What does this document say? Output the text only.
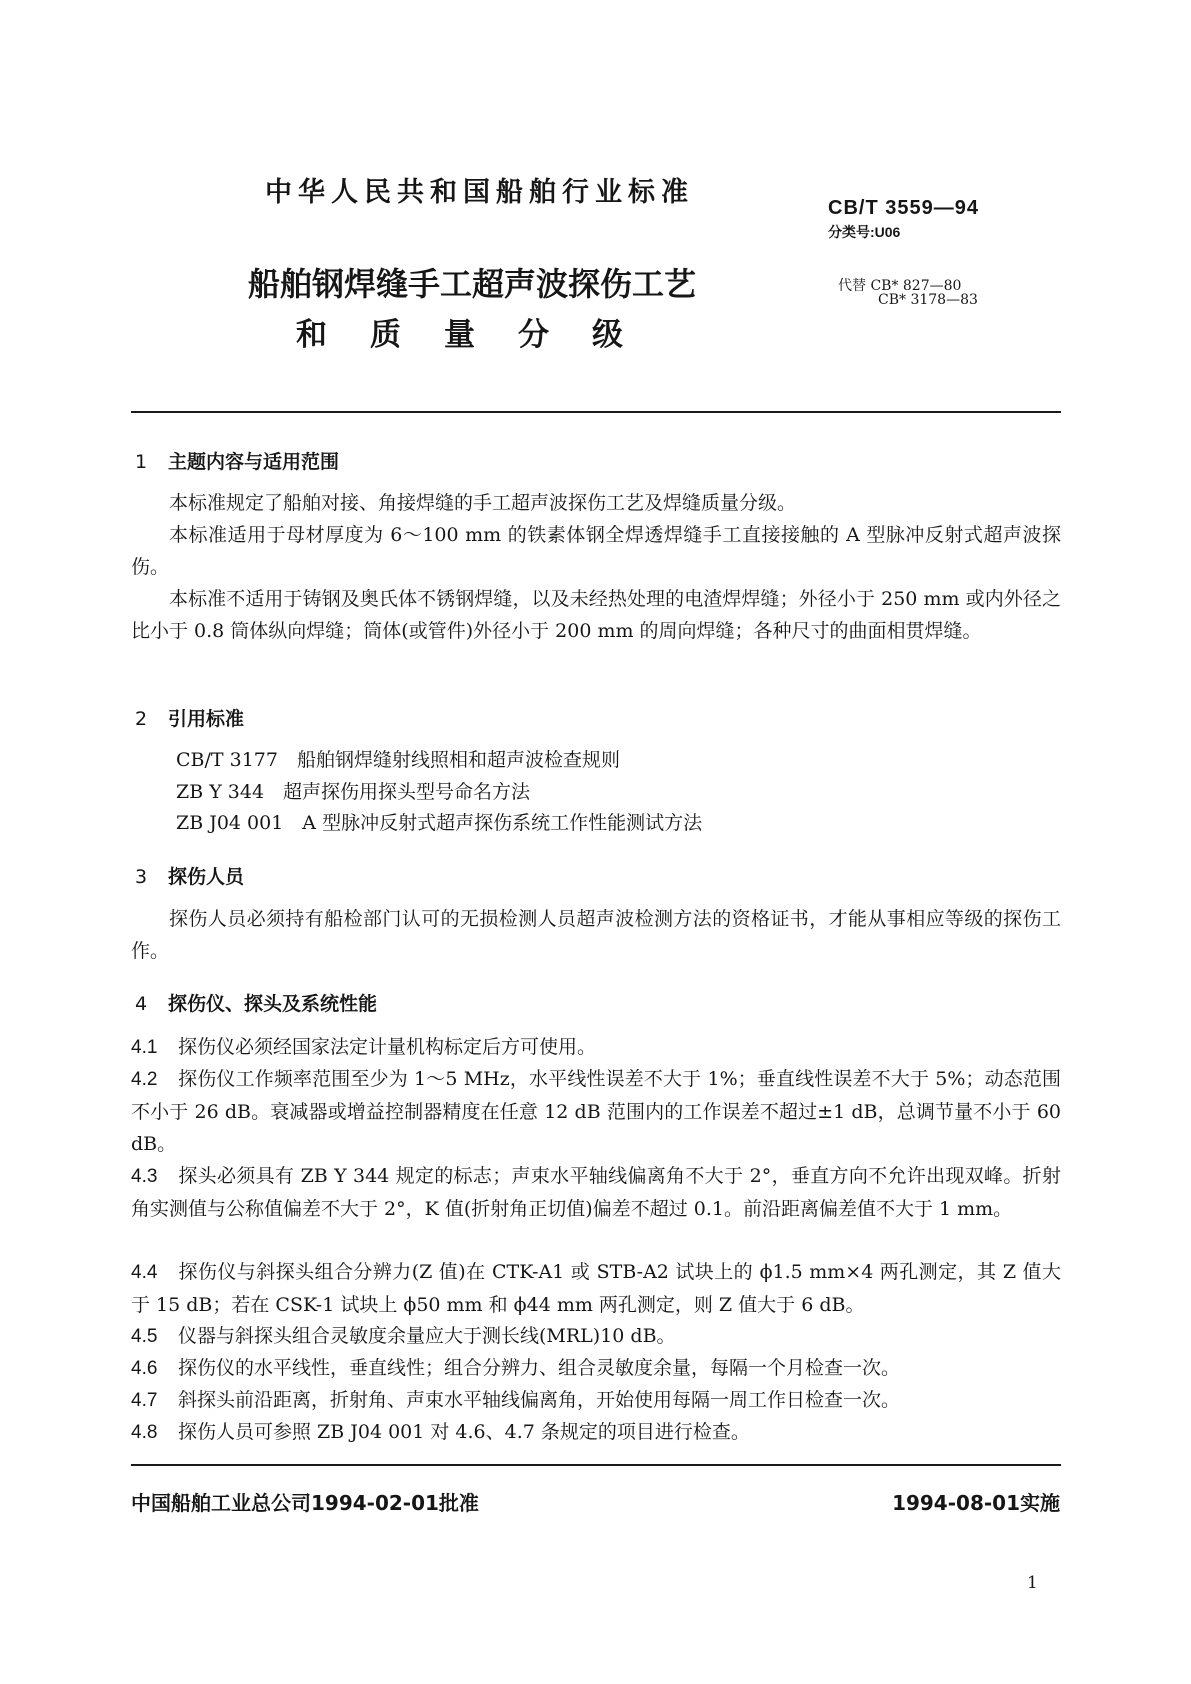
中华人民共和国船舶行业标准	CB/T 3559—94
分类号:U06
代替 CB* 827—80
CB* 3178—83
船舶钢焊缝手工超声波探伤工艺
和 质 量 分 级
1 主题内容与适用范围
本标准规定了船舶对接、角接焊缝的手工超声波探伤工艺及焊缝质量分级。
本标准适用于母材厚度为 6～100 mm 的铁素体钢全焊透焊缝手工直接接触的 A 型脉冲反射式超声波探伤。
本标准不适用于铸钢及奥氏体不锈钢焊缝，以及未经热处理的电渣焊焊缝；外径小于 250 mm 或内外径之比小于 0.8 筒体纵向焊缝；筒体(或管件)外径小于 200 mm 的周向焊缝；各种尺寸的曲面相贯焊缝。
2 引用标准
CB/T 3177　船舶钢焊缝射线照相和超声波检查规则
ZB Y 344　超声探伤用探头型号命名方法
ZB J04 001　A 型脉冲反射式超声探伤系统工作性能测试方法
3 探伤人员
探伤人员必须持有船检部门认可的无损检测人员超声波检测方法的资格证书，才能从事相应等级的探伤工作。
4 探伤仪、探头及系统性能
4.1 探伤仪必须经国家法定计量机构标定后方可使用。
4.2 探伤仪工作频率范围至少为 1～5 MHz，水平线性误差不大于 1%；垂直线性误差不大于 5%；动态范围不小于 26 dB。衰减器或增益控制器精度在任意 12 dB 范围内的工作误差不超过±1 dB，总调节量不小于 60 dB。
4.3 探头必须具有 ZB Y 344 规定的标志；声束水平轴线偏离角不大于 2°，垂直方向不允许出现双峰。折射角实测值与公称值偏差不大于 2°，K 值(折射角正切值)偏差不超过 0.1。前沿距离偏差值不大于 1 mm。
4.4 探伤仪与斜探头组合分辨力(Z 值)在 CTK-A1 或 STB-A2 试块上的 ϕ1.5 mm×4 两孔测定，其 Z 值大于 15 dB；若在 CSK-1 试块上 ϕ50 mm 和 ϕ44 mm 两孔测定，则 Z 值大于 6 dB。
4.5 仪器与斜探头组合灵敏度余量应大于测长线(MRL)10 dB。
4.6 探伤仪的水平线性，垂直线性；组合分辨力、组合灵敏度余量，每隔一个月检查一次。
4.7 斜探头前沿距离，折射角、声束水平轴线偏离角，开始使用每隔一周工作日检查一次。
4.8 探伤人员可参照 ZB J04 001 对 4.6、4.7 条规定的项目进行检查。
中国船舶工业总公司1994-02-01批准	1994-08-01实施
1
